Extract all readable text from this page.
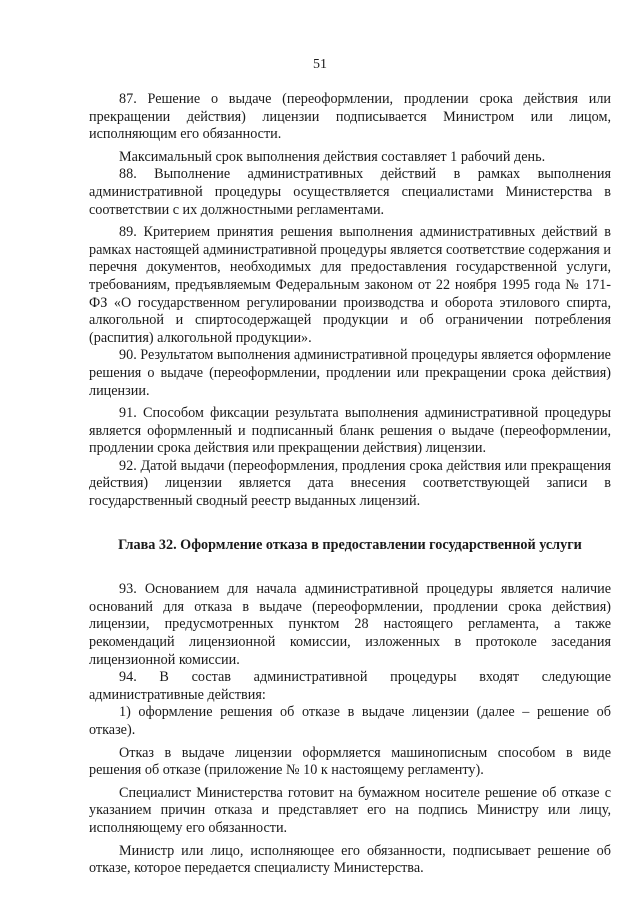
51

87. Решение о выдаче (переоформлении, продлении срока действия или прекращении действия) лицензии подписывается Министром или лицом, исполняющим его обязанности.

Максимальный срок выполнения действия составляет 1 рабочий день.

88. Выполнение административных действий в рамках выполнения административной процедуры осуществляется специалистами Министерства в соответствии с их должностными регламентами.

89. Критерием принятия решения выполнения административных действий в рамках настоящей административной процедуры является соответствие содержания и перечня документов, необходимых для предоставления государственной услуги, требованиям, предъявляемым Федеральным законом от 22 ноября 1995 года № 171-ФЗ «О государственном регулировании производства и оборота этилового спирта, алкогольной и спиртосодержащей продукции и об ограничении потребления (распития) алкогольной продукции».

90. Результатом выполнения административной процедуры является оформление решения о выдаче (переоформлении, продлении или прекращении срока действия) лицензии.

91. Способом фиксации результата выполнения административной процедуры является оформленный и подписанный бланк решения о выдаче (переоформлении, продлении срока действия или прекращении действия) лицензии.

92. Датой выдачи (переоформления, продления срока действия или прекращения действия) лицензии является дата внесения соответствующей записи в государственный сводный реестр выданных лицензий.

Глава 32. Оформление отказа в предоставлении государственной услуги

93. Основанием для начала административной процедуры является наличие оснований для отказа в выдаче (переоформлении, продлении срока действия) лицензии, предусмотренных пунктом 28 настоящего регламента, а также рекомендаций лицензионной комиссии, изложенных в протоколе заседания лицензионной комиссии.

94. В состав административной процедуры входят следующие административные действия:

1) оформление решения об отказе в выдаче лицензии (далее – решение об отказе).

Отказ в выдаче лицензии оформляется машинописным способом в виде решения об отказе (приложение № 10 к настоящему регламенту).

Специалист Министерства готовит на бумажном носителе решение об отказе с указанием причин отказа и представляет его на подпись Министру или лицу, исполняющему его обязанности.

Министр или лицо, исполняющее его обязанности, подписывает решение об отказе, которое передается специалисту Министерства.
